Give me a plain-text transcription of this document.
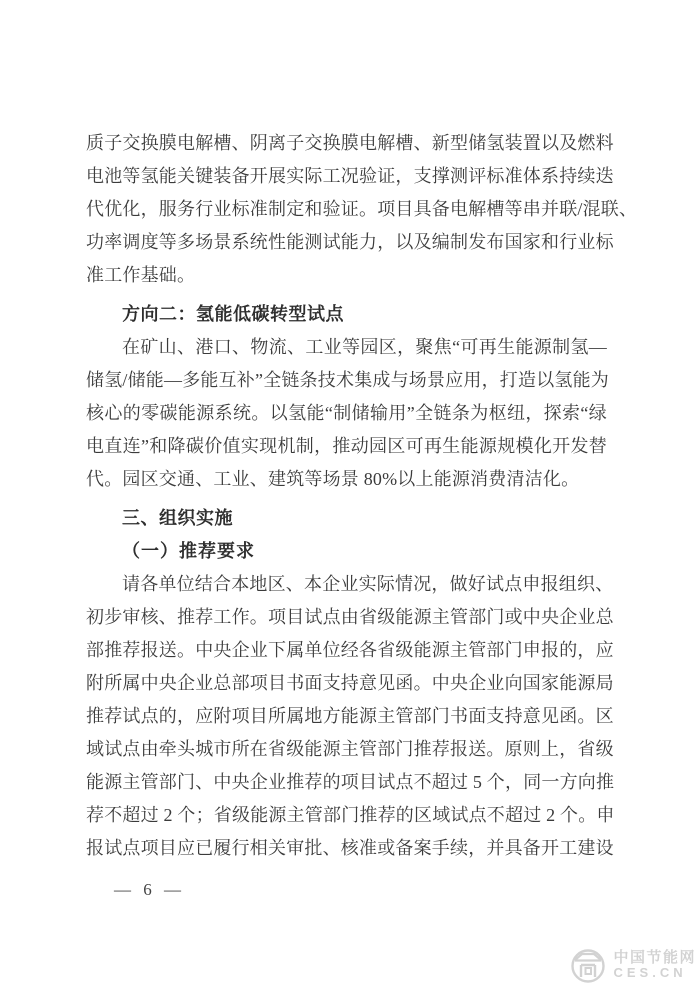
质子交换膜电解槽、阴离子交换膜电解槽、新型储氢装置以及燃料
电池等氢能关键装备开展实际工况验证，支撑测评标准体系持续迭
代优化，服务行业标准制定和验证。项目具备电解槽等串并联/混联、
功率调度等多场景系统性能测试能力，以及编制发布国家和行业标
准工作基础。
方向二：氢能低碳转型试点
在矿山、港口、物流、工业等园区，聚焦“可再生能源制氢—
储氢/储能—多能互补”全链条技术集成与场景应用，打造以氢能为
核心的零碳能源系统。以氢能“制储输用”全链条为枢纽，探索“绿
电直连”和降碳价值实现机制，推动园区可再生能源规模化开发替
代。园区交通、工业、建筑等场景 80%以上能源消费清洁化。
三、组织实施
（一）推荐要求
请各单位结合本地区、本企业实际情况，做好试点申报组织、
初步审核、推荐工作。项目试点由省级能源主管部门或中央企业总
部推荐报送。中央企业下属单位经各省级能源主管部门申报的，应
附所属中央企业总部项目书面支持意见函。中央企业向国家能源局
推荐试点的，应附项目所属地方能源主管部门书面支持意见函。区
域试点由牵头城市所在省级能源主管部门推荐报送。原则上，省级
能源主管部门、中央企业推荐的项目试点不超过 5 个，同一方向推
荐不超过 2 个；省级能源主管部门推荐的区域试点不超过 2 个。申
报试点项目应已履行相关审批、核准或备案手续，并具备开工建设
— 6 —
中国节能网
CES.CN
